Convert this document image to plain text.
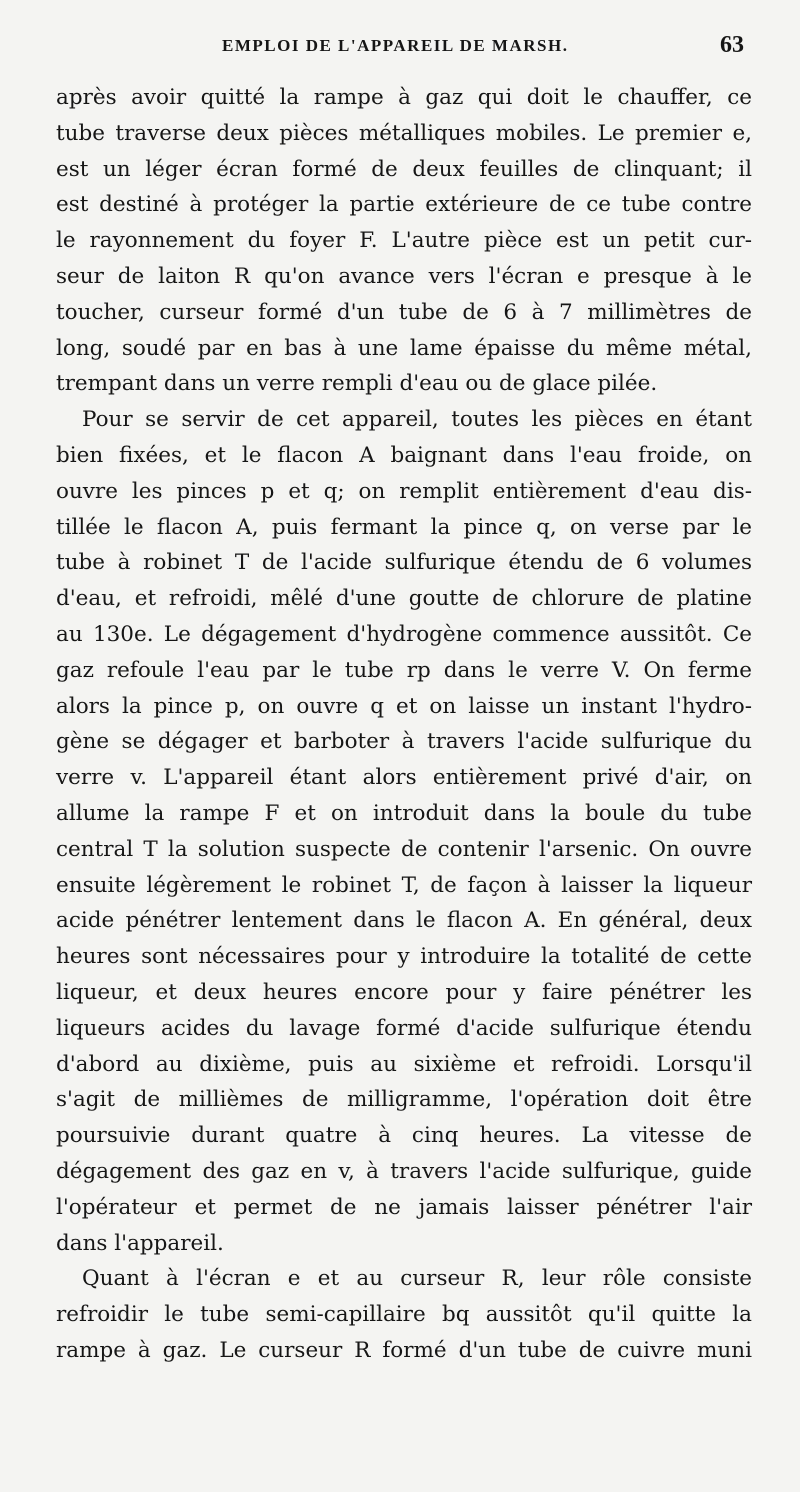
EMPLOI DE L'APPAREIL DE MARSH.	63
après avoir quitté la rampe à gaz qui doit le chauffer, ce
tube traverse deux pièces métalliques mobiles. Le premier e,
est un léger écran formé de deux feuilles de clinquant; il
est destiné à protéger la partie extérieure de ce tube contre
le rayonnement du foyer F. L'autre pièce est un petit cur-
seur de laiton R qu'on avance vers l'écran e presque à le
toucher, curseur formé d'un tube de 6 à 7 millimètres de
long, soudé par en bas à une lame épaisse du même métal,
trempant dans un verre rempli d'eau ou de glace pilée.
Pour se servir de cet appareil, toutes les pièces en étant
bien fixées, et le flacon A baignant dans l'eau froide, on
ouvre les pinces p et q; on remplit entièrement d'eau dis-
tillée le flacon A, puis fermant la pince q, on verse par le
tube à robinet T de l'acide sulfurique étendu de 6 volumes
d'eau, et refroidi, mêlé d'une goutte de chlorure de platine
au 130e. Le dégagement d'hydrogène commence aussitôt. Ce
gaz refoule l'eau par le tube rp dans le verre V. On ferme
alors la pince p, on ouvre q et on laisse un instant l'hydro-
gène se dégager et barboter à travers l'acide sulfurique du
verre v. L'appareil étant alors entièrement privé d'air, on
allume la rampe F et on introduit dans la boule du tube
central T la solution suspecte de contenir l'arsenic. On ouvre
ensuite légèrement le robinet T, de façon à laisser la liqueur
acide pénétrer lentement dans le flacon A. En général, deux
heures sont nécessaires pour y introduire la totalité de cette
liqueur, et deux heures encore pour y faire pénétrer les
liqueurs acides du lavage formé d'acide sulfurique étendu
d'abord au dixième, puis au sixième et refroidi. Lorsqu'il
s'agit de millièmes de milligramme, l'opération doit être
poursuivie durant quatre à cinq heures. La vitesse de
dégagement des gaz en v, à travers l'acide sulfurique, guide
l'opérateur et permet de ne jamais laisser pénétrer l'air
dans l'appareil.
Quant à l'écran e et au curseur R, leur rôle consiste
refroidir le tube semi-capillaire bq aussitôt qu'il quitte la
rampe à gaz. Le curseur R formé d'un tube de cuivre muni
